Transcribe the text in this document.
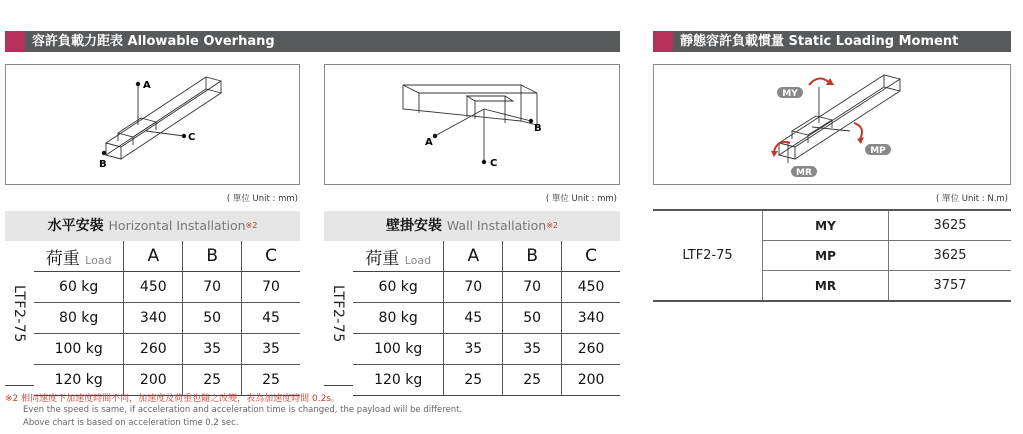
容許負載力距表 Allowable Overhang
A
B
C	A
B
C
( 單位 Unit : mm)	( 單位 Unit : mm)
水平安裝 Horizontal Installation$^{※2}$
LTF2-75
荷重 Load	A	B	C
60 kg	450	70	70
80 kg	340	50	45
100 kg	260	35	35
120 kg	200	25	25
壁掛安裝 Wall Installation$^{※2}$
LTF2-75
荷重 Load	A	B	C
60 kg	70	70	450
80 kg	45	50	340
100 kg	35	35	260
120 kg	25	25	200
靜態容許負載慣量 Static Loading Moment
MY
MP
MR
( 單位 Unit : N.m)
LTF2-75	MY	3625
	MP	3625
	MR	3757
※2 相同速度下加速度時間不同，加速度及荷重也隨之改變，表為加速度時間 0.2s。
Even the speed is same, if acceleration and acceleration time is changed, the payload will be different.
Above chart is based on acceleration time 0.2 sec.
